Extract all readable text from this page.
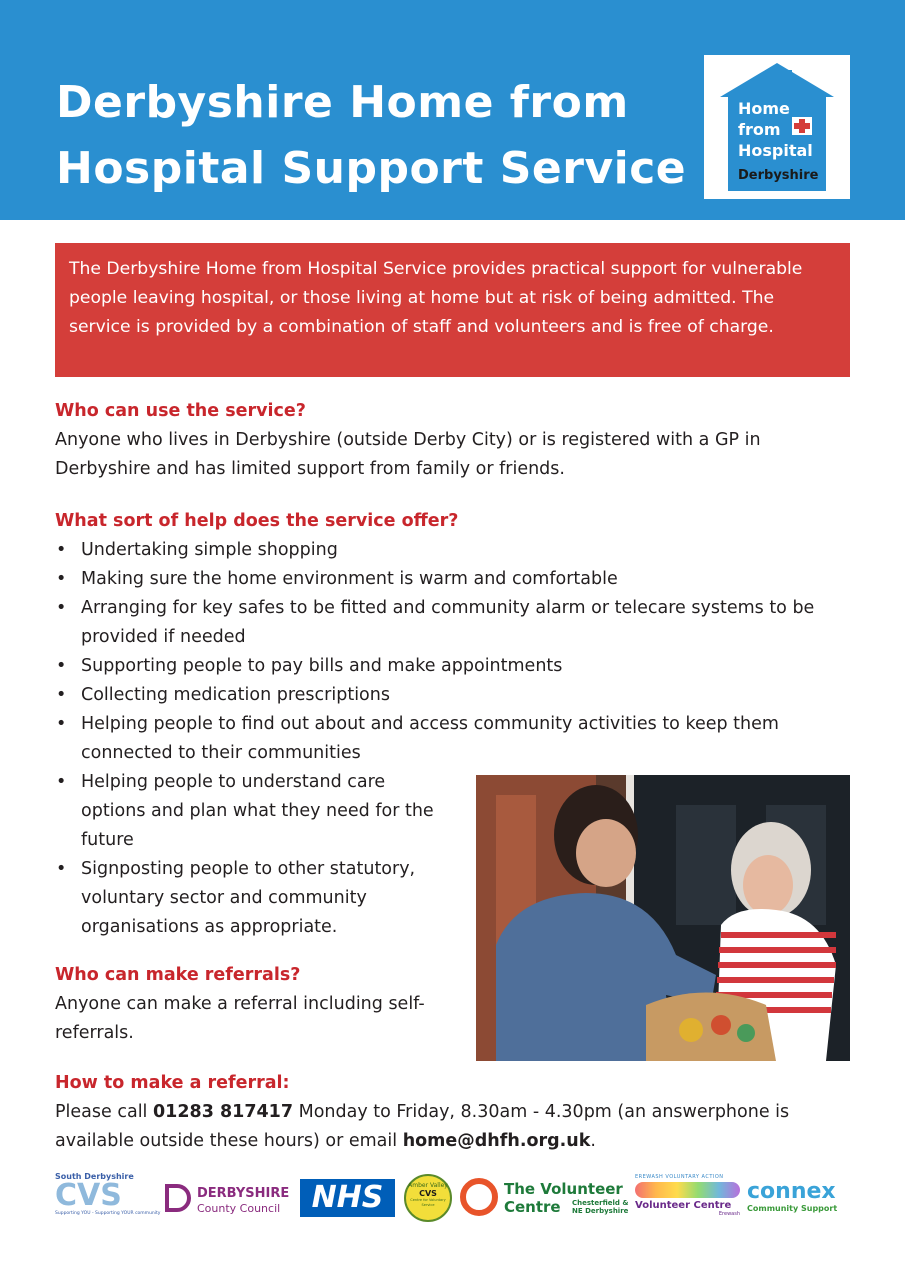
Derbyshire Home from
Hospital Support Service
Home
from
Hospital
Derbyshire
The Derbyshire Home from Hospital Service provides practical support for vulnerable people leaving hospital, or those living at home but at risk of being admitted. The service is provided by a combination of staff and volunteers and is free of charge.
Who can use the service?

Anyone who lives in Derbyshire (outside Derby City) or is registered with a GP in Derbyshire and has limited support from family or friends.

What sort of help does the service offer?
• Undertaking simple shopping
• Making sure the home environment is warm and comfortable
• Arranging for key safes to be fitted and community alarm or telecare systems to be provided if needed
• Supporting people to pay bills and make appointments
• Collecting medication prescriptions
• Helping people to find out about and access community activities to keep them connected to their communities
• Helping people to understand care options and plan what they need for the future
• Signposting people to other statutory, voluntary sector and community organisations as appropriate.
Who can make referrals?

Anyone can make a referral including self-referrals.

How to make a referral:

Please call 01283 817417 Monday to Friday, 8.30am - 4.30pm (an answerphone is available outside these hours) or email home@dhfh.org.uk.

South Derbyshire
CVS
Supporting YOU - Supporting YOUR community
DERBYSHIRE
County Council	NHS	Amber Valley
CVS
Centre for Voluntary Service
The Volunteer
Centre Chesterfield &
NE Derbyshire
EREWASH VOLUNTARY ACTION
Volunteer Centre
Erewash
connex
Community Support
